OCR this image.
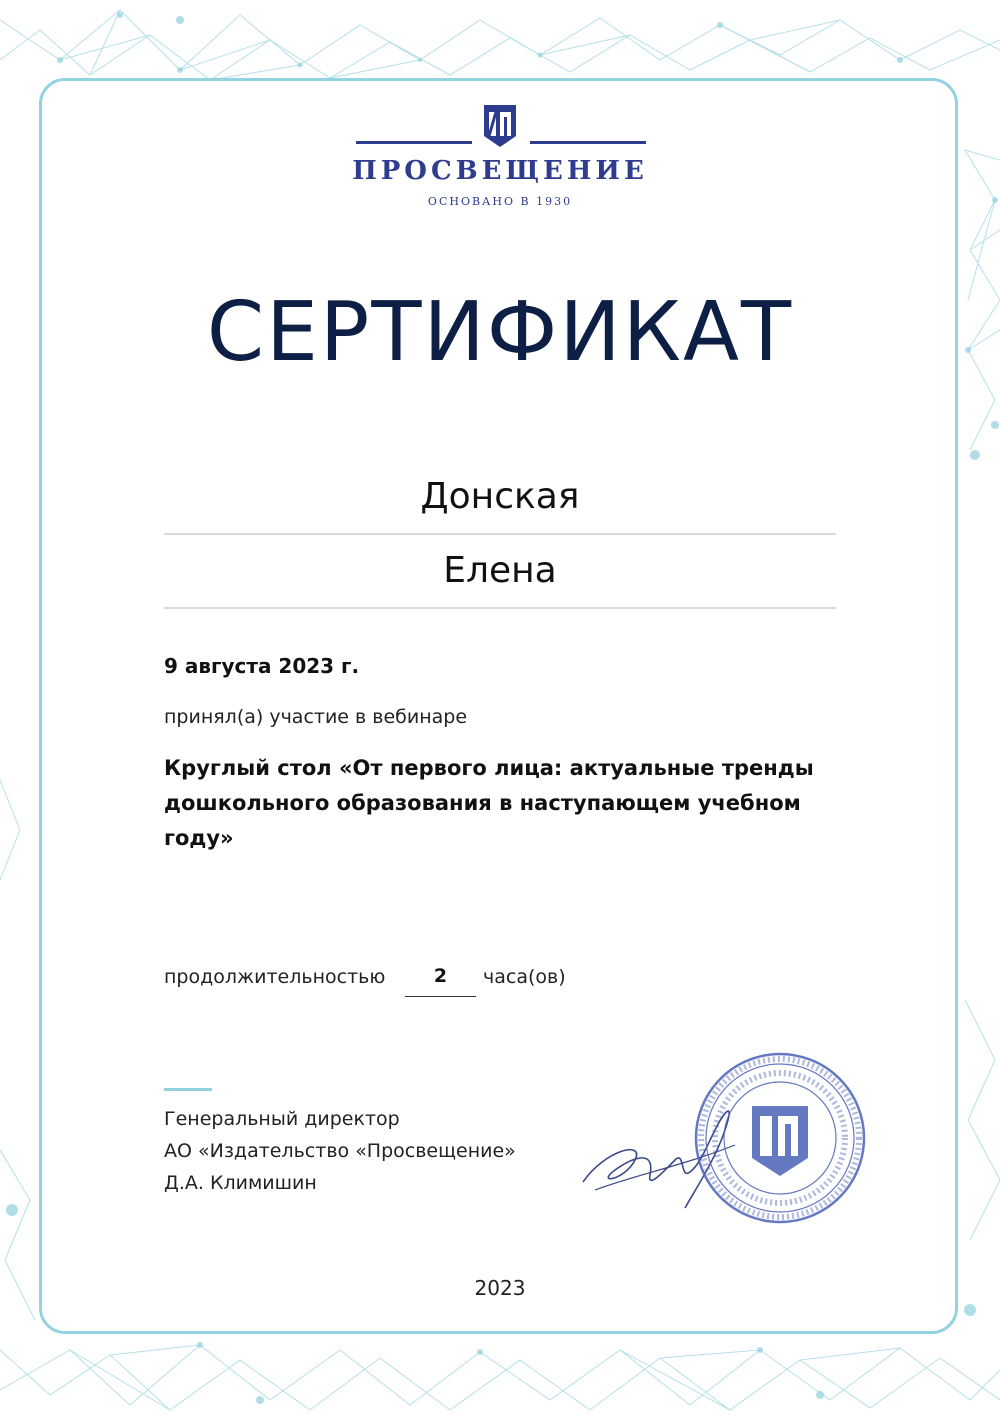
ПРОСВЕЩЕНИЕ
ОСНОВАНО В 1930
СЕРТИФИКАТ
Донская
Елена
9 августа 2023 г.
принял(а) участие в вебинаре
Круглый стол «От первого лица: актуальные тренды дошкольного образования в наступающем учебном году»
продолжительностью	2	часа(ов)
Генеральный директор
АО «Издательство «Просвещение»
Д.А. Климишин
2023
